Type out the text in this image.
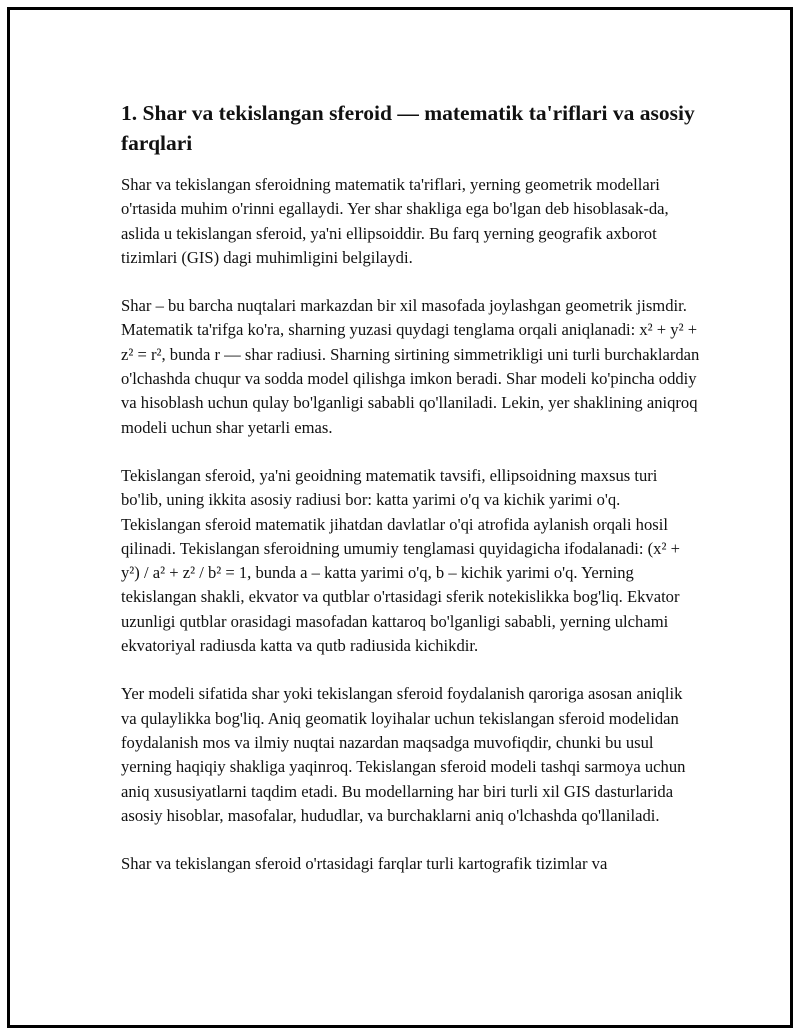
1. Shar va tekislangan sferoid — matematik ta'riflari va asosiy farqlari

Shar va tekislangan sferoidning matematik ta'riflari, yerning geometrik modellari o'rtasida muhim o'rinni egallaydi. Yer shar shakliga ega bo'lgan deb hisoblasak-da, aslida u tekislangan sferoid, ya'ni ellipsoiddir. Bu farq yerning geografik axborot tizimlari (GIS) dagi muhimligini belgilaydi.

Shar – bu barcha nuqtalari markazdan bir xil masofada joylashgan geometrik jismdir. Matematik ta'rifga ko'ra, sharning yuzasi quydagi tenglama orqali aniqlanadi: x² + y² + z² = r², bunda r — shar radiusi. Sharning sirtining simmetrikligi uni turli burchaklardan o'lchashda chuqur va sodda model qilishga imkon beradi. Shar modeli ko'pincha oddiy va hisoblash uchun qulay bo'lganligi sababli qo'llaniladi. Lekin, yer shaklining aniqroq modeli uchun shar yetarli emas.

Tekislangan sferoid, ya'ni geoidning matematik tavsifi, ellipsoidning maxsus turi bo'lib, uning ikkita asosiy radiusi bor: katta yarimi o'q va kichik yarimi o'q. Tekislangan sferoid matematik jihatdan davlatlar o'qi atrofida aylanish orqali hosil qilinadi. Tekislangan sferoidning umumiy tenglamasi quyidagicha ifodalanadi: (x² + y²) / a² + z² / b² = 1, bunda a – katta yarimi o'q, b – kichik yarimi o'q. Yerning tekislangan shakli, ekvator va qutblar o'rtasidagi sferik notekislikka bog'liq. Ekvator uzunligi qutblar orasidagi masofadan kattaroq bo'lganligi sababli, yerning ulchami ekvatoriyal radiusda katta va qutb radiusida kichikdir.

Yer modeli sifatida shar yoki tekislangan sferoid foydalanish qaroriga asosan aniqlik va qulaylikka bog'liq. Aniq geomatik loyihalar uchun tekislangan sferoid modelidan foydalanish mos va ilmiy nuqtai nazardan maqsadga muvofiqdir, chunki bu usul yerning haqiqiy shakliga yaqinroq. Tekislangan sferoid modeli tashqi sarmoya uchun aniq xususiyatlarni taqdim etadi. Bu modellarning har biri turli xil GIS dasturlarida asosiy hisoblar, masofalar, hududlar, va burchaklarni aniq o'lchashda qo'llaniladi.

Shar va tekislangan sferoid o'rtasidagi farqlar turli kartografik tizimlar va
